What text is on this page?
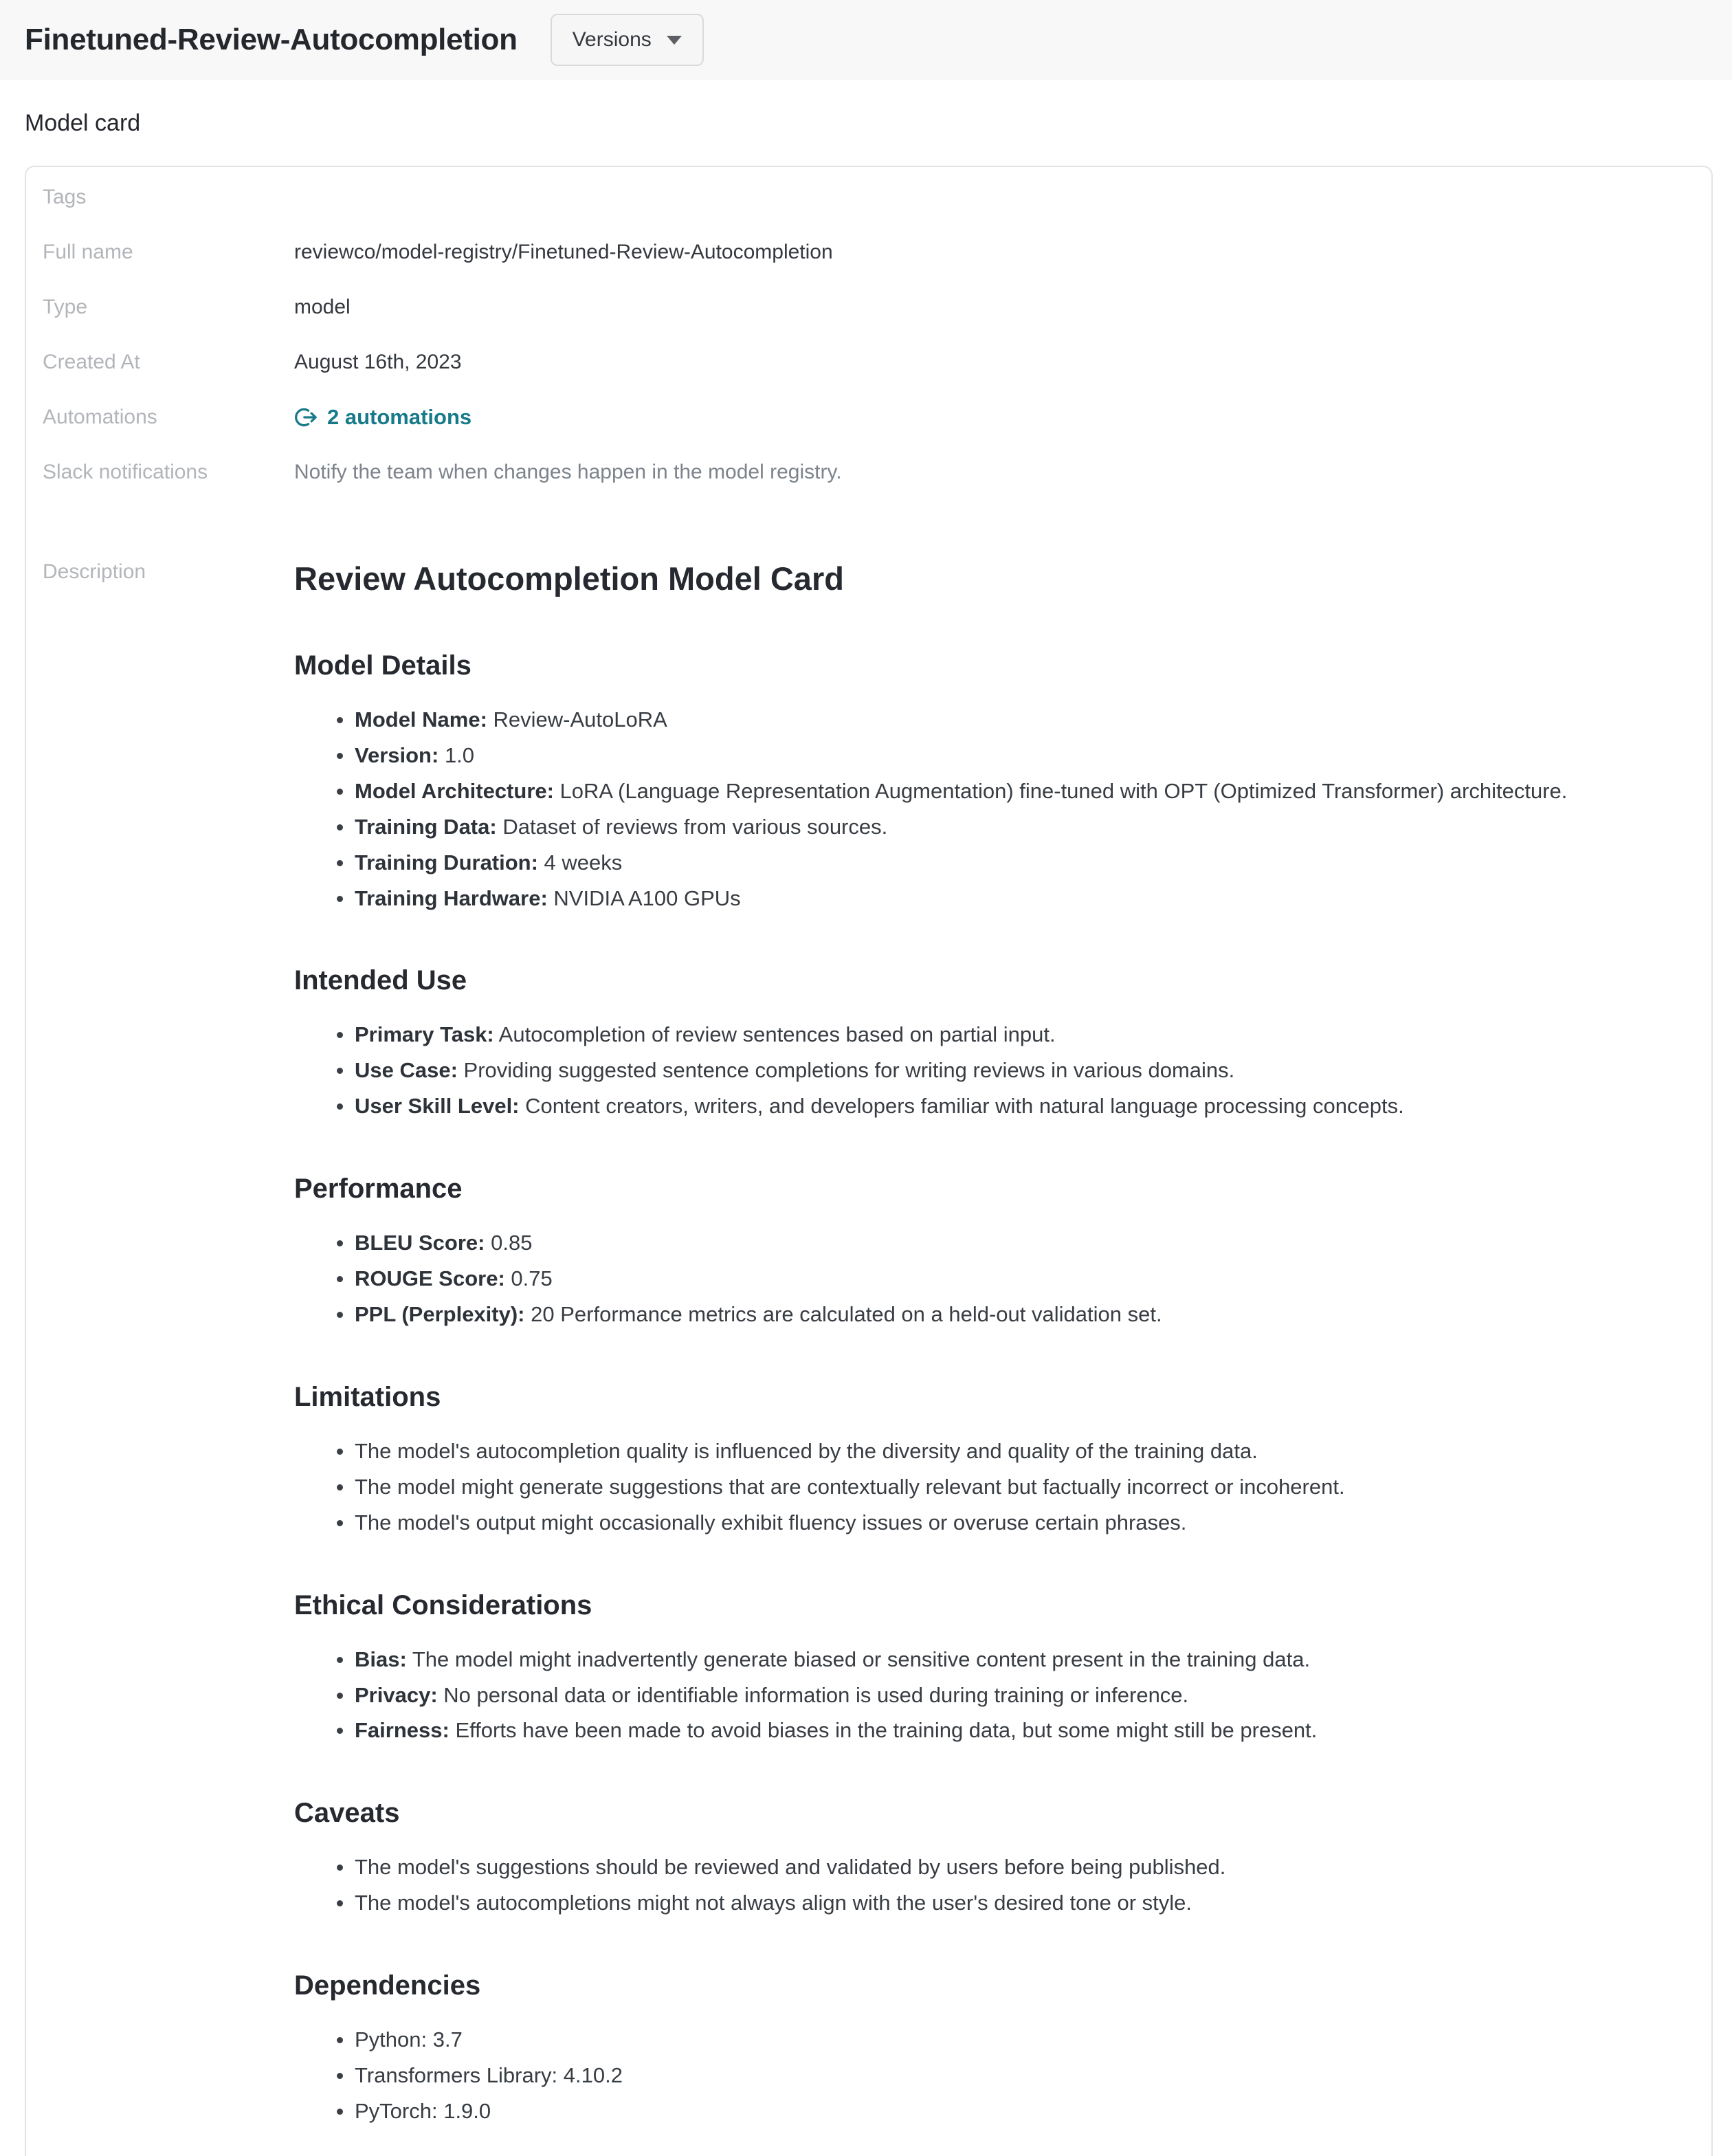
Finetuned-Review-Autocompletion	Versions
Model card
Tags
Full name	reviewco/model-registry/Finetuned-Review-Autocompletion
Type	model
Created At	August 16th, 2023
Automations	2 automations
Slack notifications	Notify the team when changes happen in the model registry.
Description	Review Autocompletion Model Card
Model Details
Model Name: Review-AutoLoRA
Version: 1.0
Model Architecture: LoRA (Language Representation Augmentation) fine-tuned with OPT (Optimized Transformer) architecture.
Training Data: Dataset of reviews from various sources.
Training Duration: 4 weeks
Training Hardware: NVIDIA A100 GPUs
Intended Use
Primary Task: Autocompletion of review sentences based on partial input.
Use Case: Providing suggested sentence completions for writing reviews in various domains.
User Skill Level: Content creators, writers, and developers familiar with natural language processing concepts.
Performance
BLEU Score: 0.85
ROUGE Score: 0.75
PPL (Perplexity): 20 Performance metrics are calculated on a held-out validation set.
Limitations
The model's autocompletion quality is influenced by the diversity and quality of the training data.
The model might generate suggestions that are contextually relevant but factually incorrect or incoherent.
The model's output might occasionally exhibit fluency issues or overuse certain phrases.
Ethical Considerations
Bias: The model might inadvertently generate biased or sensitive content present in the training data.
Privacy: No personal data or identifiable information is used during training or inference.
Fairness: Efforts have been made to avoid biases in the training data, but some might still be present.
Caveats
The model's suggestions should be reviewed and validated by users before being published.
The model's autocompletions might not always align with the user's desired tone or style.
Dependencies
Python: 3.7
Transformers Library: 4.10.2
PyTorch: 1.9.0
